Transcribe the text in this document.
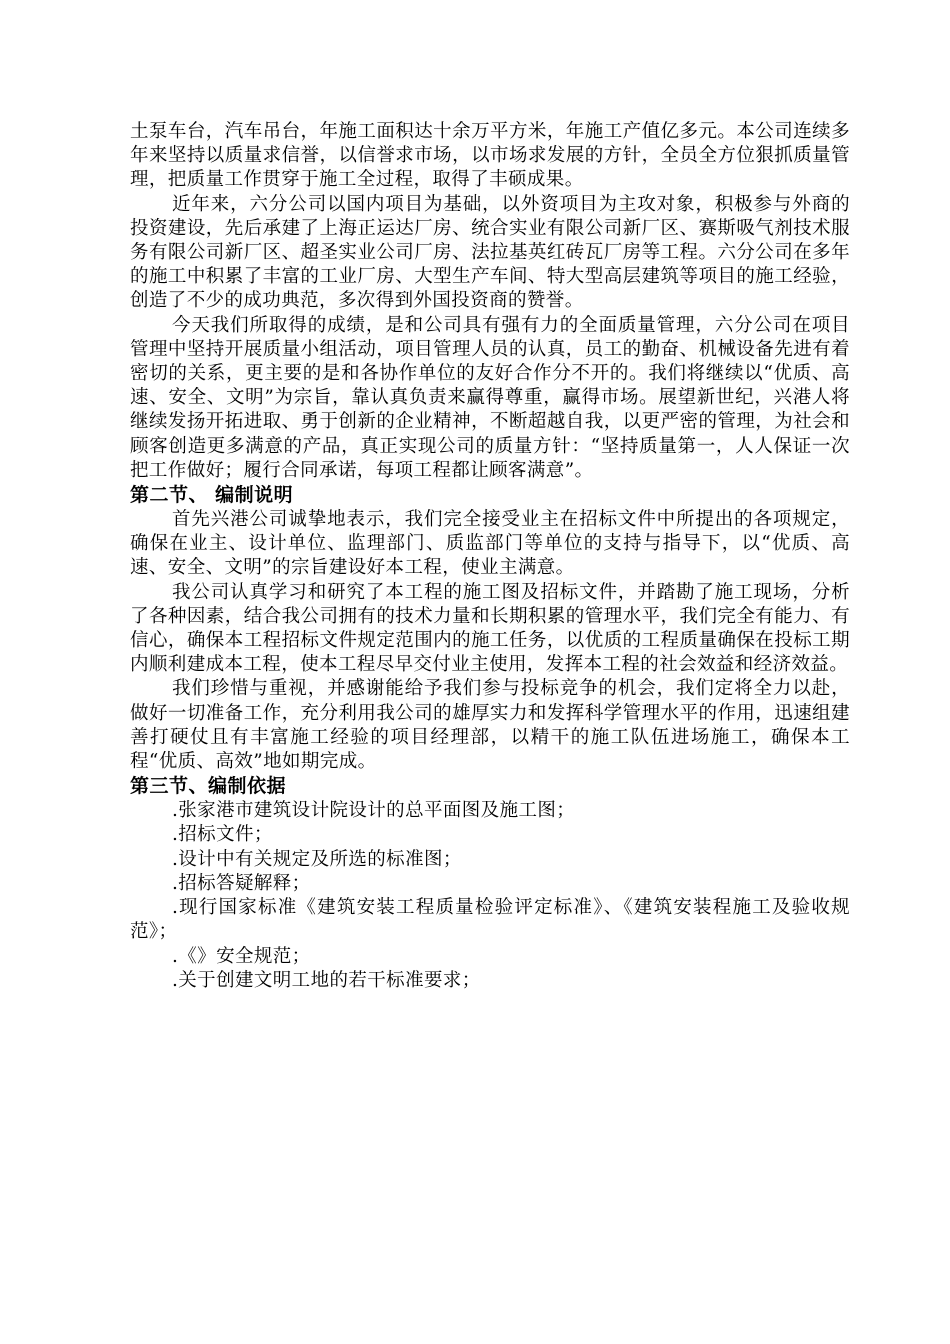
土泵车台，汽车吊台，年施工面积达十余万平方米，年施工产值亿多元。本公司连续多年来坚持以质量求信誉，以信誉求市场，以市场求发展的方针，全员全方位狠抓质量管理，把质量工作贯穿于施工全过程，取得了丰硕成果。

近年来，六分公司以国内项目为基础，以外资项目为主攻对象，积极参与外商的投资建设，先后承建了上海正运达厂房、统合实业有限公司新厂区、赛斯吸气剂技术服务有限公司新厂区、超圣实业公司厂房、法拉基英红砖瓦厂房等工程。六分公司在多年的施工中积累了丰富的工业厂房、大型生产车间、特大型高层建筑等项目的施工经验，创造了不少的成功典范，多次得到外国投资商的赞誉。

今天我们所取得的成绩，是和公司具有强有力的全面质量管理，六分公司在项目管理中坚持开展质量小组活动，项目管理人员的认真，员工的勤奋、机械设备先进有着密切的关系，更主要的是和各协作单位的友好合作分不开的。我们将继续以“优质、高速、安全、文明”为宗旨，靠认真负责来赢得尊重，赢得市场。展望新世纪，兴港人将继续发扬开拓进取、勇于创新的企业精神，不断超越自我，以更严密的管理，为社会和顾客创造更多满意的产品，真正实现公司的质量方针：“坚持质量第一，人人保证一次把工作做好；履行合同承诺，每项工程都让顾客满意”。

第二节、 编制说明

首先兴港公司诚挚地表示，我们完全接受业主在招标文件中所提出的各项规定，确保在业主、设计单位、监理部门、质监部门等单位的支持与指导下，以“优质、高速、安全、文明”的宗旨建设好本工程，使业主满意。

我公司认真学习和研究了本工程的施工图及招标文件，并踏勘了施工现场，分析了各种因素，结合我公司拥有的技术力量和长期积累的管理水平，我们完全有能力、有信心，确保本工程招标文件规定范围内的施工任务，以优质的工程质量确保在投标工期内顺利建成本工程，使本工程尽早交付业主使用，发挥本工程的社会效益和经济效益。

我们珍惜与重视，并感谢能给予我们参与投标竞争的机会，我们定将全力以赴，做好一切准备工作，充分利用我公司的雄厚实力和发挥科学管理水平的作用，迅速组建善打硬仗且有丰富施工经验的项目经理部，以精干的施工队伍进场施工，确保本工程“优质、高效”地如期完成。

第三节、编制依据
.张家港市建筑设计院设计的总平面图及施工图；
.招标文件；
.设计中有关规定及所选的标准图；
.招标答疑解释；
.现行国家标准《建筑安装工程质量检验评定标准》、《建筑安装程施工及验收规范》；
.《》安全规范；
.关于创建文明工地的若干标准要求；
